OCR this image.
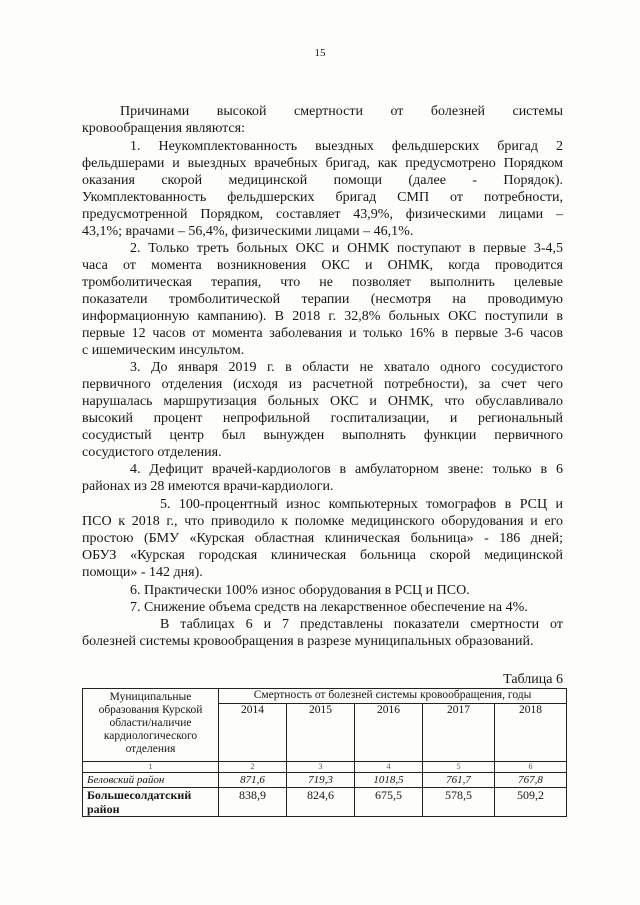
15
Причинами высокой смертности от болезней системы
кровообращения являются:
1. Неукомплектованность выездных фельдшерских бригад 2
фельдшерами и выездных врачебных бригад, как предусмотрено Порядком
оказания скорой медицинской помощи (далее - Порядок).
Укомплектованность фельдшерских бригад СМП от потребности,
предусмотренной Порядком, составляет 43,9%, физическими лицами –
43,1%; врачами – 56,4%, физическими лицами – 46,1%.
2. Только треть больных ОКС и ОНМК поступают в первые 3-4,5
часа от момента возникновения ОКС и ОНМК, когда проводится
тромболитическая терапия, что не позволяет выполнить целевые
показатели тромболитической терапии (несмотря на проводимую
информационную кампанию). В 2018 г. 32,8% больных ОКС поступили в
первые 12 часов от момента заболевания и только 16% в первые 3-6 часов
с ишемическим инсультом.
3. До января 2019 г. в области не хватало одного сосудистого
первичного отделения (исходя из расчетной потребности), за счет чего
нарушалась маршрутизация больных ОКС и ОНМК, что обуславливало
высокий процент непрофильной госпитализации, и региональный
сосудистый центр был вынужден выполнять функции первичного
сосудистого отделения.
4. Дефицит врачей-кардиологов в амбулаторном звене: только в 6
районах из 28 имеются врачи-кардиологи.
5. 100-процентный износ компьютерных томографов в РСЦ и
ПСО к 2018 г., что приводило к поломке медицинского оборудования и его
простою (БМУ «Курская областная клиническая больница» - 186 дней;
ОБУЗ «Курская городская клиническая больница скорой медицинской
помощи» - 142 дня).
6. Практически 100% износ оборудования в РСЦ и ПСО.
7. Снижение объема средств на лекарственное обеспечение на 4%.
В таблицах 6 и 7 представлены показатели смертности от
болезней системы кровообращения в разрезе муниципальных образований.
Таблица 6
Муниципальные образования Курской области/наличие кардиологического отделения	Смертность от болезней системы кровообращения, годы				
	2014	2015	2016	2017	2018
1	2	3	4	5	6
Беловский район	871,6	719,3	1018,5	761,7	767,8
Большесолдатский район	838,9	824,6	675,5	578,5	509,2
